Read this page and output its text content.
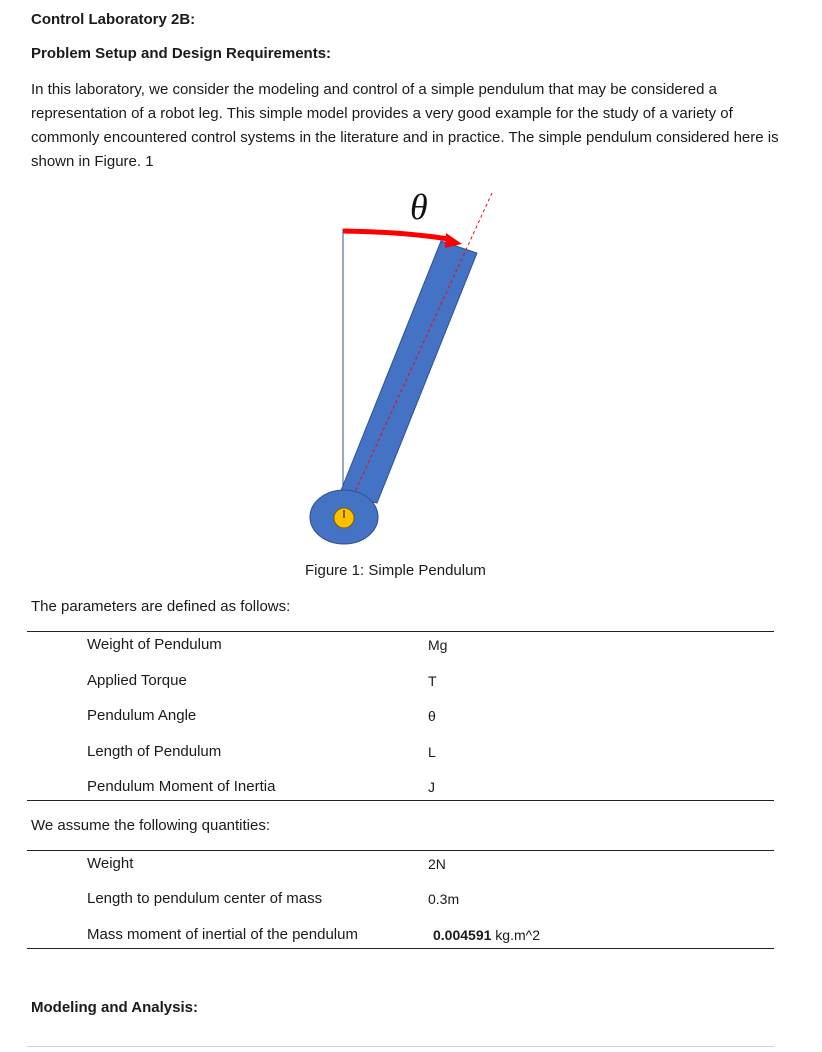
Control Laboratory 2B:
Problem Setup and Design Requirements:
In this laboratory, we consider the modeling and control of a simple pendulum that may be considered a representation of a robot leg. This simple model provides a very good example for the study of a variety of commonly encountered control systems in the literature and in practice. The simple pendulum considered here is shown in Figure. 1
θ
Figure 1: Simple Pendulum
The parameters are defined as follows:
Weight of Pendulum	Mg
Applied Torque	T
Pendulum Angle	θ
Length of Pendulum	L
Pendulum Moment of Inertia	J
We assume the following quantities:
Weight	2N
Length to pendulum center of mass	0.3m
Mass moment of inertial of the pendulum	0.004591 kg.m^2
Modeling and Analysis:
